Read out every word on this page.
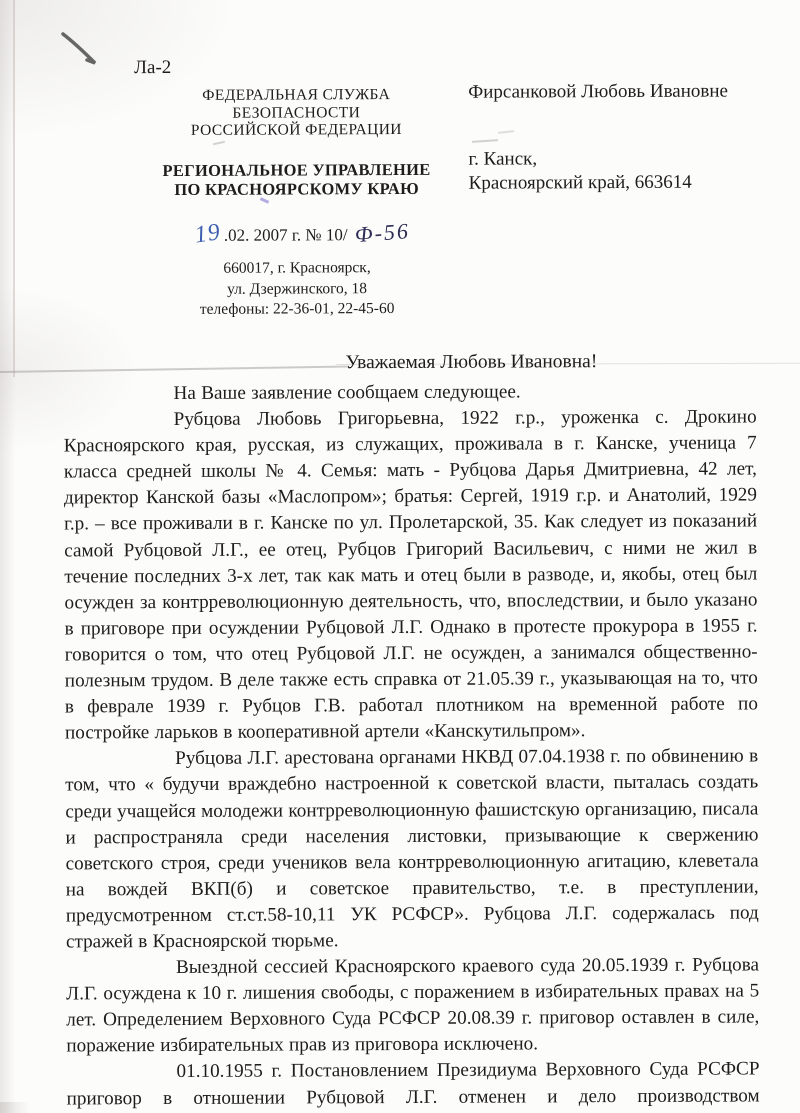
Ла-2
ФЕДЕРАЛЬНАЯ СЛУЖБА
БЕЗОПАСНОСТИ
РОССИЙСКОЙ ФЕДЕРАЦИИ
РЕГИОНАЛЬНОЕ УПРАВЛЕНИЕ
ПО КРАСНОЯРСКОМУ КРАЮ
19.02. 2007 г. № 10/ Ф-56
660017, г. Красноярск,
ул. Дзержинского, 18
телефоны: 22-36-01, 22-45-60
Фирсанковой Любовь Ивановне
г. Канск,
Красноярский край, 663614
Уважаемая Любовь Ивановна!

На Ваше заявление сообщаем следующее.

Рубцова Любовь Григорьевна, 1922 г.р., уроженка с. Дрокино Красноярского края, русская, из служащих, проживала в г. Канске, ученица 7 класса средней школы № 4. Семья: мать - Рубцова Дарья Дмитриевна, 42 лет, директор Канской базы «Маслопром»; братья: Сергей, 1919 г.р. и Анатолий, 1929 г.р. – все проживали в г. Канске по ул. Пролетарской, 35. Как следует из показаний самой Рубцовой Л.Г., ее отец, Рубцов Григорий Васильевич, с ними не жил в течение последних 3-х лет, так как мать и отец были в разводе, и, якобы, отец был осужден за контрреволюционную деятельность, что, впоследствии, и было указано в приговоре при осуждении Рубцовой Л.Г. Однако в протесте прокурора в 1955 г. говорится о том, что отец Рубцовой Л.Г. не осужден, а занимался общественно-полезным трудом. В деле также есть справка от 21.05.39 г., указывающая на то, что в феврале 1939 г. Рубцов Г.В. работал плотником на временной работе по постройке ларьков в кооперативной артели «Канскутильпром».

Рубцова Л.Г. арестована органами НКВД 07.04.1938 г. по обвинению в том, что « будучи враждебно настроенной к советской власти, пыталась создать среди учащейся молодежи контрреволюционную фашистскую организацию, писала и распространяла среди населения листовки, призывающие к свержению советского строя, среди учеников вела контрреволюционную агитацию, клеветала на вождей ВКП(б) и советское правительство, т.е. в преступлении, предусмотренном ст.ст.58-10,11 УК РСФСР». Рубцова Л.Г. содержалась под стражей в Красноярской тюрьме.

Выездной сессией Красноярского краевого суда 20.05.1939 г. Рубцова Л.Г. осуждена к 10 г. лишения свободы, с поражением в избирательных правах на 5 лет. Определением Верховного Суда РСФСР 20.08.39 г. приговор оставлен в силе, поражение избирательных прав из приговора исключено.

01.10.1955 г. Постановлением Президиума Верховного Суда РСФСР приговор в отношении Рубцовой Л.Г. отменен и дело производством
